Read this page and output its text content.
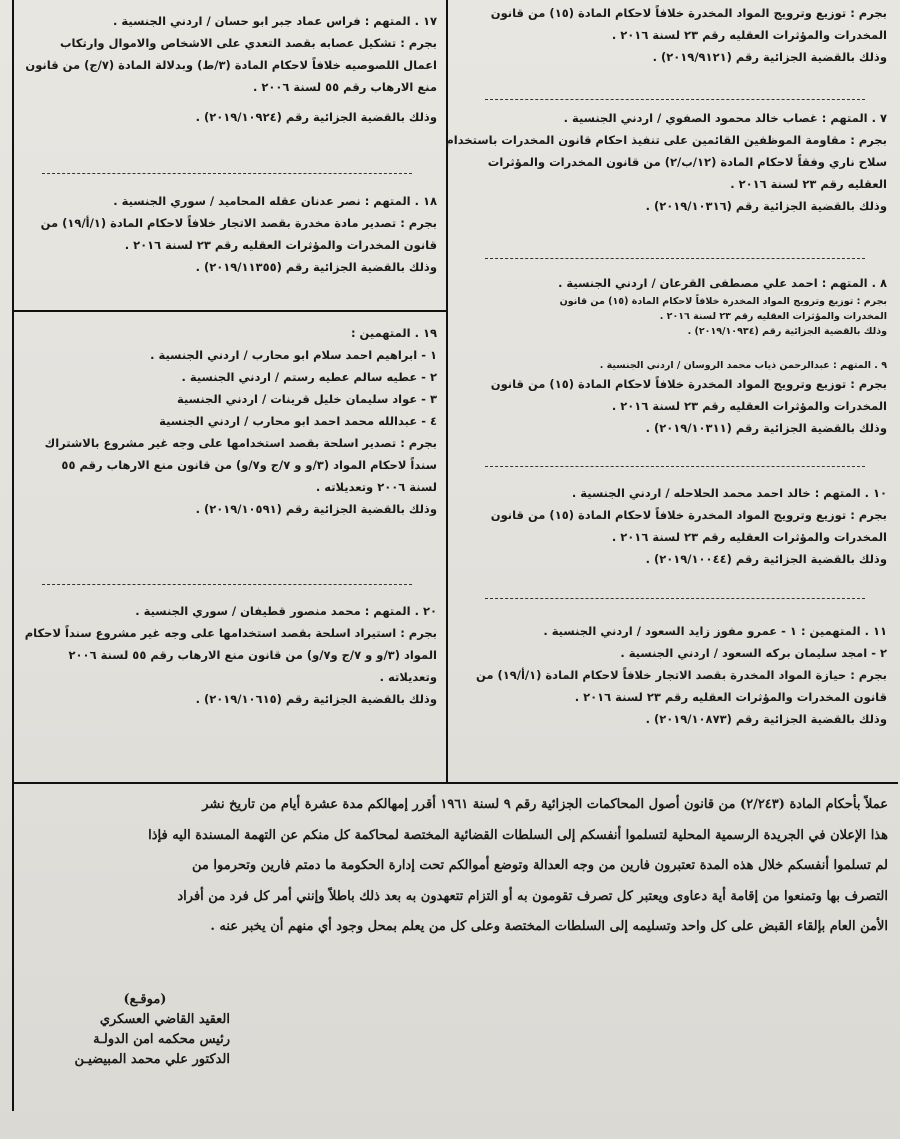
بجرم : توزيع وترويج المواد المخدرة خلافاً لاحكام المادة (١٥) من قانون

المخدرات والمؤثرات العقليه رقم ٢٣ لسنة ٢٠١٦ .

وذلك بالقضية الجزائية رقم (٢٠١٩/٩١٢١) .

٧ . المتهم : غصاب خالد محمود الصفوي / اردني الجنسية .

بجرم : مقاومة الموظفين القائمين على تنفيذ احكام قانون المخدرات باستخدام

سلاح ناري وفقاً لاحكام المادة (١٢/ب/٢) من قانون المخدرات والمؤثرات

العقليه رقم ٢٣ لسنة ٢٠١٦ .

وذلك بالقضية الجزائية رقم (٢٠١٩/١٠٣١٦) .

٨ . المتهم : احمد علي مصطفى القرعان / اردني الجنسية .

بجرم : توزيع وترويج المواد المخدرة خلافاً لاحكام المادة (١٥) من قانون

المخدرات والمؤثرات العقليه رقم ٢٣ لسنة ٢٠١٦ .

وذلك بالقضية الجزائية رقم (٢٠١٩/١٠٩٣٤) .

٩ . المتهم : عبدالرحمن ذياب محمد الروسان / اردني الجنسية .

بجرم : توزيع وترويج المواد المخدرة خلافاً لاحكام المادة (١٥) من قانون

المخدرات والمؤثرات العقليه رقم ٢٣ لسنة ٢٠١٦ .

وذلك بالقضية الجزائية رقم (٢٠١٩/١٠٣١١) .

١٠ . المتهم : خالد احمد محمد الحلاحله / اردني الجنسية .

بجرم : توزيع وترويج المواد المخدرة خلافاً لاحكام المادة (١٥) من قانون

المخدرات والمؤثرات العقليه رقم ٢٣ لسنة ٢٠١٦ .

وذلك بالقضية الجزائية رقم (٢٠١٩/١٠٠٤٤) .

١١ . المتهمين : ١ - عمرو مفوز زايد السعود / اردني الجنسية .

٢ - امجد سليمان بركه السعود / اردني الجنسية .

بجرم : حيازة المواد المخدرة بقصد الاتجار خلافاً لاحكام المادة (١/أ/١٩) من

قانون المخدرات والمؤثرات العقليه رقم ٢٣ لسنة ٢٠١٦ .

وذلك بالقضية الجزائية رقم (٢٠١٩/١٠٨٧٣) .

١٧ . المتهم : فراس عماد جبر ابو حسان / اردني الجنسية .

بجرم : تشكيل عصابه بقصد التعدي على الاشخاص والاموال وارتكاب

اعمال اللصوصيه خلافاً لاحكام المادة (٣/ط) وبدلالة المادة (٧/ج) من قانون

منع الارهاب رقم ٥٥ لسنة ٢٠٠٦ .

وذلك بالقضية الجزائية رقم (٢٠١٩/١٠٩٢٤) .

١٨ . المتهم : نصر عدنان عقله المحاميد / سوري الجنسية .

بجرم : تصدير مادة مخدرة بقصد الاتجار خلافاً لاحكام المادة (١/أ/١٩) من

قانون المخدرات والمؤثرات العقليه رقم ٢٣ لسنة ٢٠١٦ .

وذلك بالقضية الجزائية رقم (٢٠١٩/١١٣٥٥) .

١٩ . المتهمين :

١ - ابراهيم احمد سلام ابو محارب / اردني الجنسية .

٢ - عطيه سالم عطيه رستم / اردني الجنسية .

٣ - عواد سليمان خليل قرينات / اردني الجنسية

٤ - عبدالله محمد احمد ابو محارب / اردني الجنسية

بجرم : تصدير اسلحة بقصد استخدامها على وجه غير مشروع بالاشتراك

سنداً لاحكام المواد (٣/و و ٧/ج و٧/و) من قانون منع الارهاب رقم ٥٥

لسنة ٢٠٠٦ وتعديلاته .

وذلك بالقضية الجزائية رقم (٢٠١٩/١٠٥٩١) .

٢٠ . المتهم : محمد منصور قطيفان / سوري الجنسية .

بجرم : استيراد اسلحة بقصد استخدامها على وجه غير مشروع سنداً لاحكام

المواد (٣/و و ٧/ج و٧/و) من قانون منع الارهاب رقم ٥٥ لسنة ٢٠٠٦

وتعديلاته .

وذلك بالقضية الجزائية رقم (٢٠١٩/١٠٦١٥) .

عملاً بأحكام المادة (٢/٢٤٣) من قانون أصول المحاكمات الجزائية رقم ٩ لسنة ١٩٦١ أقرر إمهالكم مدة عشرة أيام من تاريخ نشر

هذا الإعلان في الجريدة الرسمية المحلية لتسلموا أنفسكم إلى السلطات القضائية المختصة لمحاكمة كل منكم عن التهمة المسندة اليه فإذا

لم تسلموا أنفسكم خلال هذه المدة تعتبرون فارين من وجه العدالة وتوضع أموالكم تحت إدارة الحكومة ما دمتم فارين وتحرموا من

التصرف بها وتمنعوا من إقامة أية دعاوى ويعتبر كل تصرف تقومون به أو التزام تتعهدون به بعد ذلك باطلاً وإنني أمر كل فرد من أفراد

الأمن العام بإلقاء القبض على كل واحد وتسليمه إلى السلطات المختصة وعلى كل من يعلم بمحل وجود أي منهم أن يخبر عنه .

(موقـع)

العقيد القاضي العسكري

رئيس محكمه امن الدولـة

الدكتور علي محمد المبيضيـن
